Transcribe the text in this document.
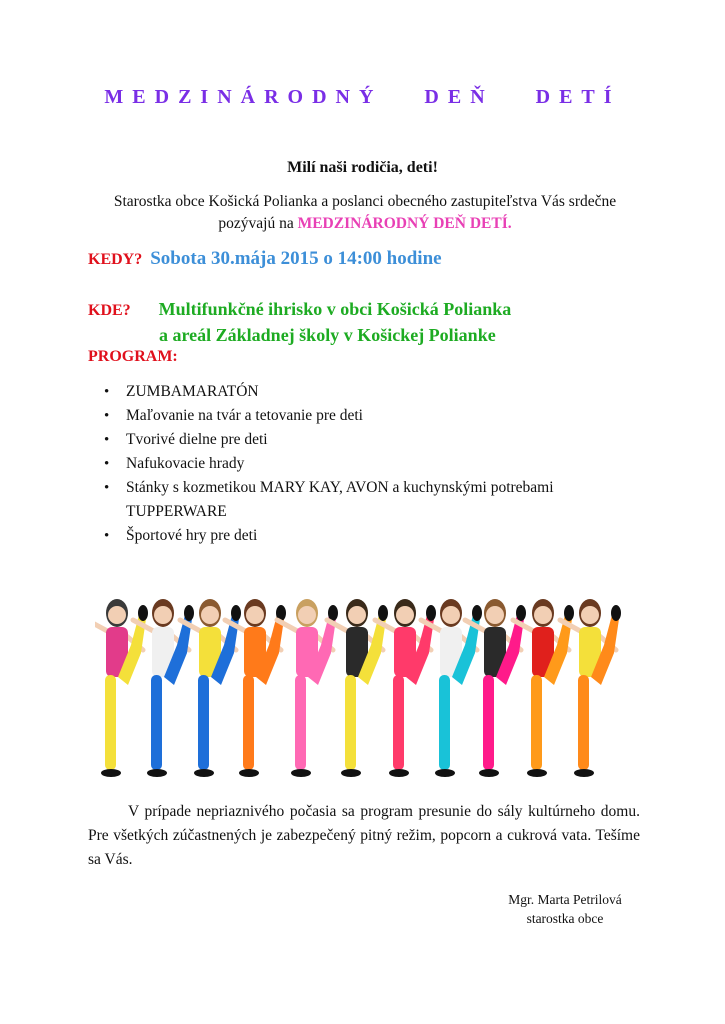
MEDZINÁRODNÝ   DEŇ   DETÍ
Milí naši rodičia, deti!
Starostka obce Košická Polianka a poslanci obecného zastupiteľstva Vás srdečne pozývajú na MEDZINÁRODNÝ DEŇ DETÍ.
KEDY? Sobota 30.mája 2015 o 14:00 hodine
KDE? Multifunkčné ihrisko v obci Košická Polianka
a areál Základnej školy v Košickej Polianke
PROGRAM:
• ZUMBAMARATÓN
• Maľovanie na tvár a tetovanie pre deti
• Tvorivé dielne pre deti
• Nafukovacie hrady
• Stánky s kozmetikou MARY KAY, AVON a kuchynskými potrebami TUPPERWARE
• Športové hry pre deti
V prípade nepriaznivého počasia sa program presunie do sály kultúrneho domu. Pre všetkých zúčastnených je zabezpečený pitný režim, popcorn a cukrová vata. Tešíme sa Vás.
Mgr. Marta Petrilová
starostka obce
